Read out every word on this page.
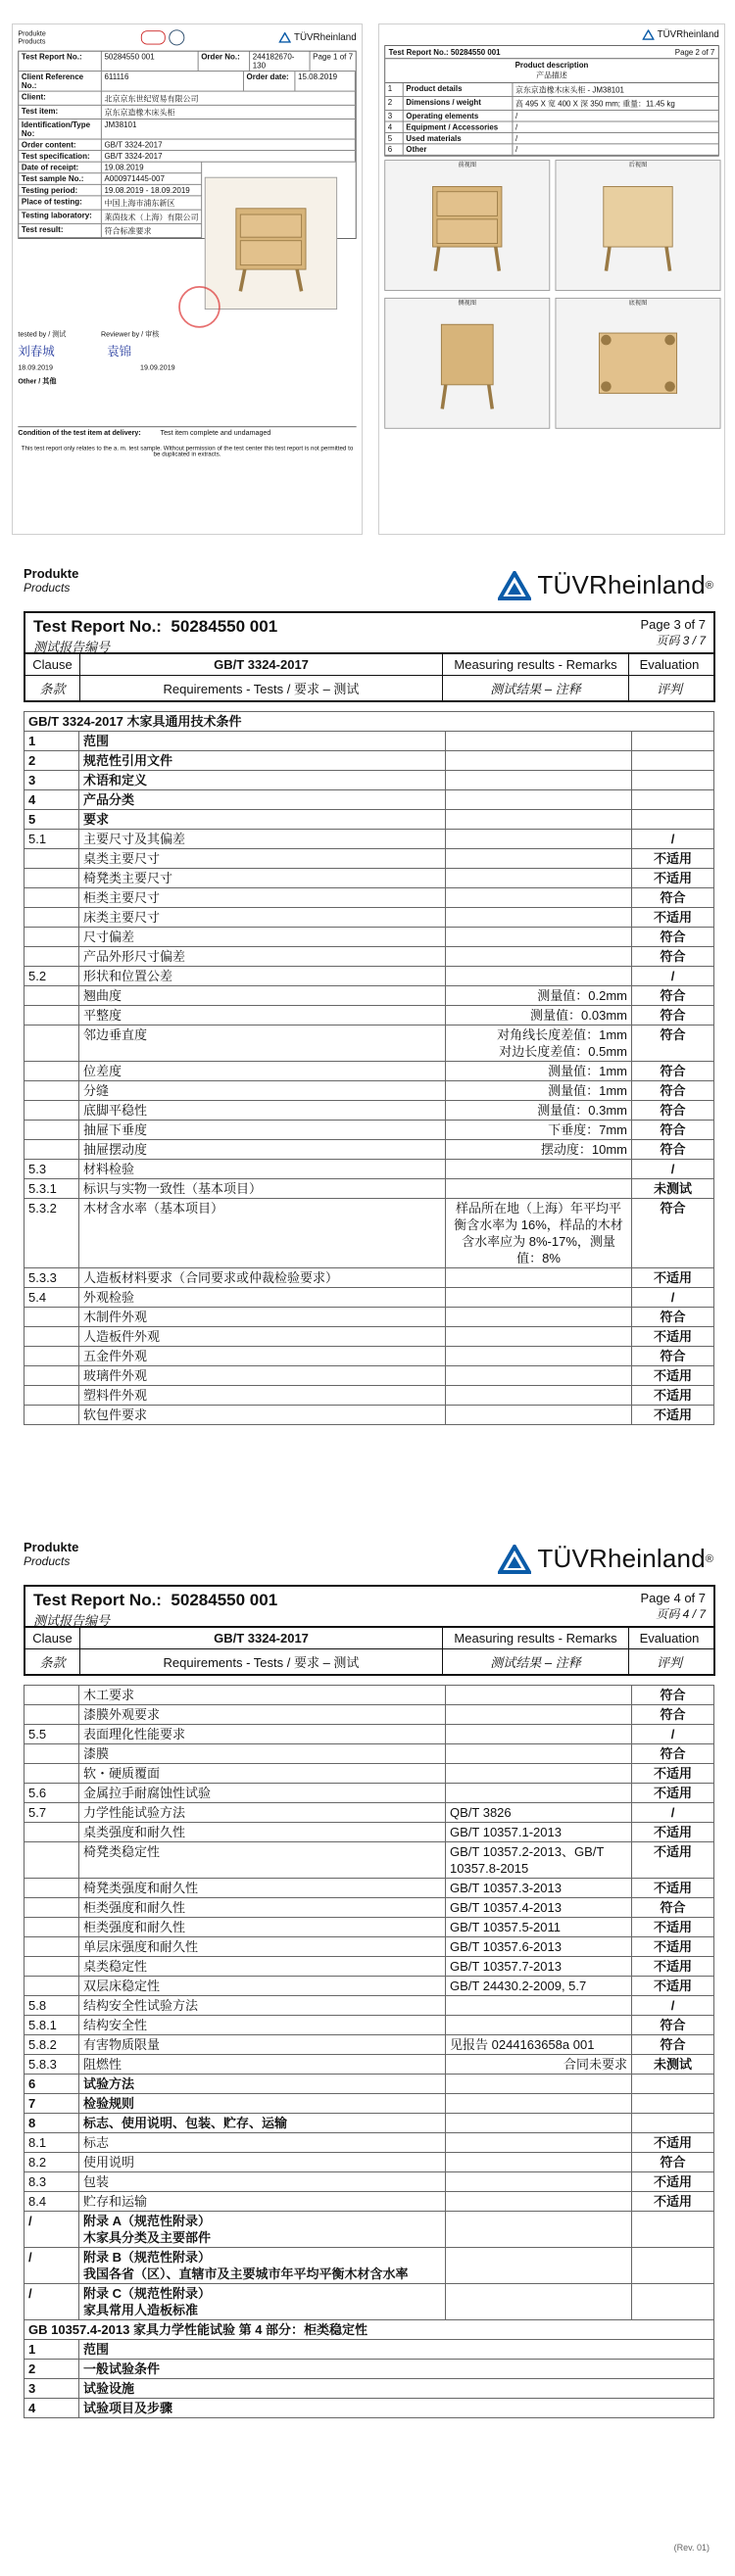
Produkte
Products	TÜVRheinland
Test Report No.:	50284550 001	Order No.:	244182670-130
Page 1 of 7
Client Reference No.:
611116	Order date:	15.08.2019
Client:	北京京东世纪贸易有限公司
Test item:	京东京造橡木床头柜
Identification/Type No:
JM38101
Order content:	GB/T 3324-2017
Test specification:	GB/T 3324-2017
Date of receipt:	19.08.2019
Test sample No.:	A000971445-007
Testing period:	19.08.2019 - 18.09.2019
Place of testing:	中国上海市浦东新区
Testing laboratory:	莱茵技术（上海）有限公司
Test result:	符合标准要求
tested by / 测试	Reviewer by / 审核
刘春城	袁锦
18.09.2019	19.09.2019
Other / 其他
Condition of the test item at delivery: Test item complete and undamaged
This test report only relates to the a. m. test sample. Without permission of the test center this test report is not permitted to be duplicated in extracts.
TÜVRheinland
Test Report No.: 50284550 001	Page 2 of 7
Product description
产品描述
1	Product details	京东京造橡木床头柜 - JM38101
2	Dimensions / weight	高 495 X 宽 400 X 深 350 mm; 重量：11.45 kg
3	Operating elements	/
4	Equipment / Accessories	/
5	Used materials	/
6	Other	/
前视图	后视图
侧视图	底视图
Produkte
Products	TÜVRheinland ®
Test Report No.: 50284550 001
测试报告编号
Page 3 of 7
页码 3 / 7
Clause	GB/T 3324-2017	Measuring results - Remarks	Evaluation
条款	Requirements - Tests / 要求 – 测试	测试结果 – 注释	评判
GB/T 3324-2017 木家具通用技术条件			
1	范围		
2	规范性引用文件		
3	术语和定义		
4	产品分类		
5	要求		
5.1	主要尺寸及其偏差		/
	桌类主要尺寸		不适用
	椅凳类主要尺寸		不适用
	柜类主要尺寸		符合
	床类主要尺寸		不适用
	尺寸偏差		符合
	产品外形尺寸偏差		符合
5.2	形状和位置公差		/
	翘曲度	测量值：0.2mm	符合
	平整度	测量值：0.03mm	符合
	邻边垂直度	对角线长度差值：1mm
对边长度差值：0.5mm	符合
	位差度	测量值：1mm	符合
	分缝	测量值：1mm	符合
	底脚平稳性	测量值：0.3mm	符合
	抽屉下垂度	下垂度：7mm	符合
	抽屉摆动度	摆动度：10mm	符合
5.3	材料检验		/
5.3.1	标识与实物一致性（基本项目）		未测试
5.3.2	木材含水率（基本项目）	样品所在地（上海）年平均平衡含水率为 16%，样品的木材含水率应为 8%-17%，测量值：8%	符合
5.3.3	人造板材料要求（合同要求或仲裁检验要求）		不适用
5.4	外观检验		/
	木制件外观		符合
	人造板件外观		不适用
	五金件外观		符合
	玻璃件外观		不适用
	塑料件外观		不适用
	软包件要求		不适用
Produkte
Products	TÜVRheinland ®
Test Report No.: 50284550 001
测试报告编号
Page 4 of 7
页码 4 / 7
Clause	GB/T 3324-2017	Measuring results - Remarks	Evaluation
条款	Requirements - Tests / 要求 – 测试	测试结果 – 注释	评判
	木工要求		符合
	漆膜外观要求		符合
5.5	表面理化性能要求		/
	漆膜		符合
	软・硬质覆面		不适用
5.6	金属拉手耐腐蚀性试验		不适用
5.7	力学性能试验方法	QB/T 3826	/
	桌类强度和耐久性	GB/T 10357.1-2013	不适用
	椅凳类稳定性	GB/T 10357.2-2013、GB/T 10357.8-2015	不适用
	椅凳类强度和耐久性	GB/T 10357.3-2013	不适用
	柜类强度和耐久性	GB/T 10357.4-2013	符合
	柜类强度和耐久性	GB/T 10357.5-2011	不适用
	单层床强度和耐久性	GB/T 10357.6-2013	不适用
	桌类稳定性	GB/T 10357.7-2013	不适用
	双层床稳定性	GB/T 24430.2-2009, 5.7	不适用
5.8	结构安全性试验方法		/
5.8.1	结构安全性		符合
5.8.2	有害物质限量	见报告 0244163658a 001	符合
5.8.3	阻燃性	合同未要求	未测试
6	试验方法		
7	检验规则		
8	标志、使用说明、包装、贮存、运输		
8.1	标志		不适用
8.2	使用说明		符合
8.3	包装		不适用
8.4	贮存和运输		不适用
/	附录 A（规范性附录）
木家具分类及主要部件		
/	附录 B（规范性附录）
我国各省（区）、直辖市及主要城市年平均平衡木材含水率		
/	附录 C（规范性附录）
家具常用人造板标准		
GB 10357.4-2013 家具力学性能试验 第 4 部分：柜类稳定性			
1	范围		
2	一般试验条件		
3	试验设施		
4	试验项目及步骤		
(Rev. 01)
